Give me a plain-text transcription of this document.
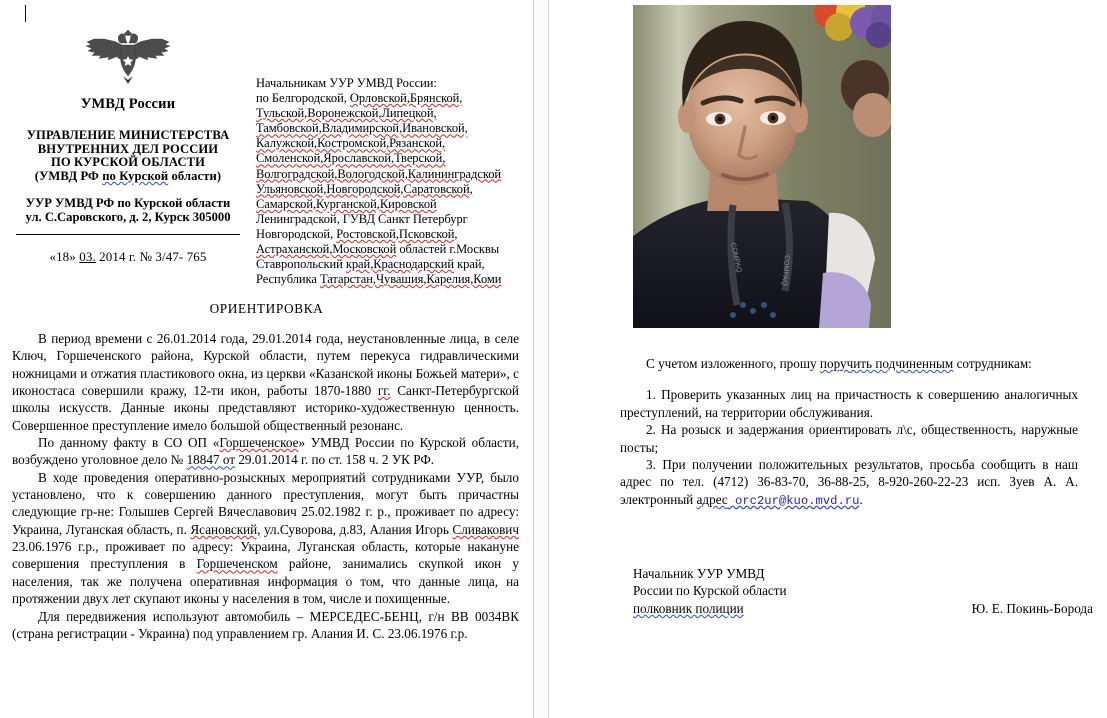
УМВД России
УПРАВЛЕНИЕ МИНИСТЕРСТВА
ВНУТРЕННИХ ДЕЛ РОССИИ
ПО КУРСКОЙ ОБЛАСТИ
(УМВД РФ по Курской области)
УУР УМВД РФ по Курской области
ул. С.Саровского, д. 2, Курск 305000
«18» 03. 2014 г. № 3/47- 765
Начальникам УУР УМВД России:
по Белгородской, Орловской,Брянской,
Тульской,Воронежской,Липецкой,
Тамбовской,Владимирской,Ивановской,
Калужской,Костромской,Рязанской,
Смоленской,Ярославской,Тверской,
Волгоградской,Вологодской,Калининградской
Ульяновской,Новгородской,Саратовской,
Самарской,Курганской,Кировской
Ленинградской, ГУВД Санкт Петербург
Новгородской, Ростовской,Псковской,
Астраханской,Московской областей г.Москвы
Ставропольский край,Краснодарский край,
Республика Татарстан,Чувашия,Карелия,Коми
ОРИЕНТИРОВКА

В период времени с 26.01.2014 года, 29.01.2014 года, неустановленные лица, в селе Ключ, Горшеченского района, Курской области, путем перекуса гидравлическими ножницами и отжатия пластикового окна, из церкви «Казанской иконы Божьей матери», с иконостаса совершили кражу, 12-ти икон, работы 1870-1880 гг. Санкт-Петербургской школы искусств. Данные иконы представляют историко-художественную ценность. Совершенное преступление имело большой общественный резонанс.

По данному факту в СО ОП «Горшеченское» УМВД России по Курской области, возбуждено уголовное дело № 18847 от 29.01.2014 г. по ст. 158 ч. 2 УК РФ.

В ходе проведения оперативно-розыскных мероприятий сотрудниками УУР, было установлено, что к совершению данного преступления, могут быть причастны следующие гр-не: Голышев Сергей Вячеславович 25.02.1982 г. р., проживает по адресу: Украина, Луганская область, п. Ясановский, ул.Суворова, д.83, Алания Игорь Сливакович 23.06.1976 г.р., проживает по адресу: Украина, Луганская область, которые накануне совершения преступления в Горшеченском районе, занимались скупкой икон у населения, так же получена оперативная информация о том, что данные лица, на протяжении двух лет скупают иконы у населения в том, числе и похищенные.

Для передвижения используют автомобиль – МЕРСЕДЕС-БЕНЦ, г/н ВВ 0034ВК (страна регистрации - Украина) под управлением гр. Алания И. С. 23.06.1976 г.р.

COMPAQ	COMPAQ

С учетом изложенного, прошу поручить подчиненным сотрудникам:

1. Проверить указанных лиц на причастность к совершению аналогичных преступлений, на территории обслуживания.

2. На розыск и задержания ориентировать л\с, общественность, наружные посты;

3. При получении положительных результатов, просьба сообщить в наш адрес по тел. (4712) 36-83-70, 36-88-25, 8-920-260-22-23 исп. Зуев А. А. электронный адрес orc2ur@kuo.mvd.ru.

Начальник УУР УМВД
России по Курской области
полковник полиции	Ю. Е. Покинь-Борода
